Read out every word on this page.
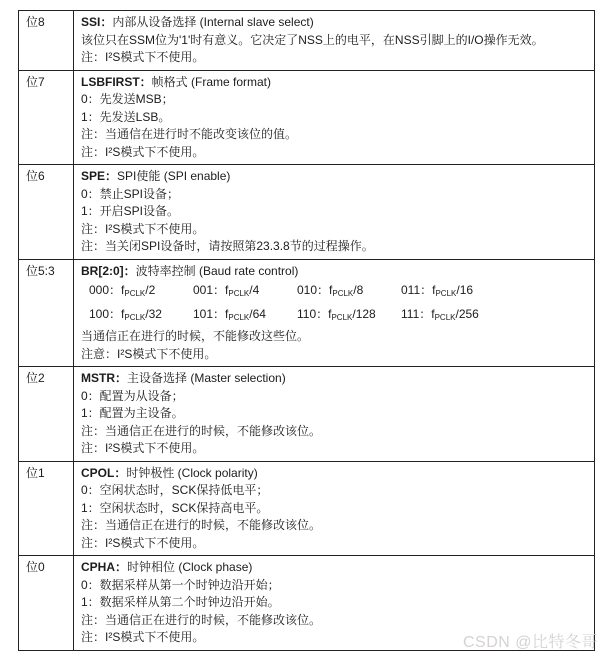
位8	SSI：内部从设备选择 (Internal slave select)
该位只在SSM位为'1'时有意义。它决定了NSS上的电平，在NSS引脚上的I/O操作无效。
注：I²S模式下不使用。
位7	LSBFIRST：帧格式 (Frame format)
0：先发送MSB；
1：先发送LSB。
注：当通信在进行时不能改变该位的值。
注：I²S模式下不使用。
位6	SPE：SPI使能 (SPI enable)
0：禁止SPI设备；
1：开启SPI设备。
注：I²S模式下不使用。
注：当关闭SPI设备时，请按照第23.3.8节的过程操作。
位5:3	BR[2:0]：波特率控制 (Baud rate control)
000：$f_{PCLK}/2$	001：$f_{PCLK}/4$	010：$f_{PCLK}/8$	011：$f_{PCLK}/16$
100：$f_{PCLK}/32$	101：$f_{PCLK}/64$	110：$f_{PCLK}/128$	111：$f_{PCLK}/256$
当通信正在进行的时候，不能修改这些位。
注意：I²S模式下不使用。
位2	MSTR：主设备选择 (Master selection)
0：配置为从设备；
1：配置为主设备。
注：当通信正在进行的时候，不能修改该位。
注：I²S模式下不使用。
位1	CPOL：时钟极性 (Clock polarity)
0：空闲状态时，SCK保持低电平；
1：空闲状态时，SCK保持高电平。
注：当通信正在进行的时候，不能修改该位。
注：I²S模式下不使用。
位0	CPHA：时钟相位 (Clock phase)
0：数据采样从第一个时钟边沿开始；
1：数据采样从第二个时钟边沿开始。
注：当通信正在进行的时候，不能修改该位。
注：I²S模式下不使用。	CSDN @比特冬哥
